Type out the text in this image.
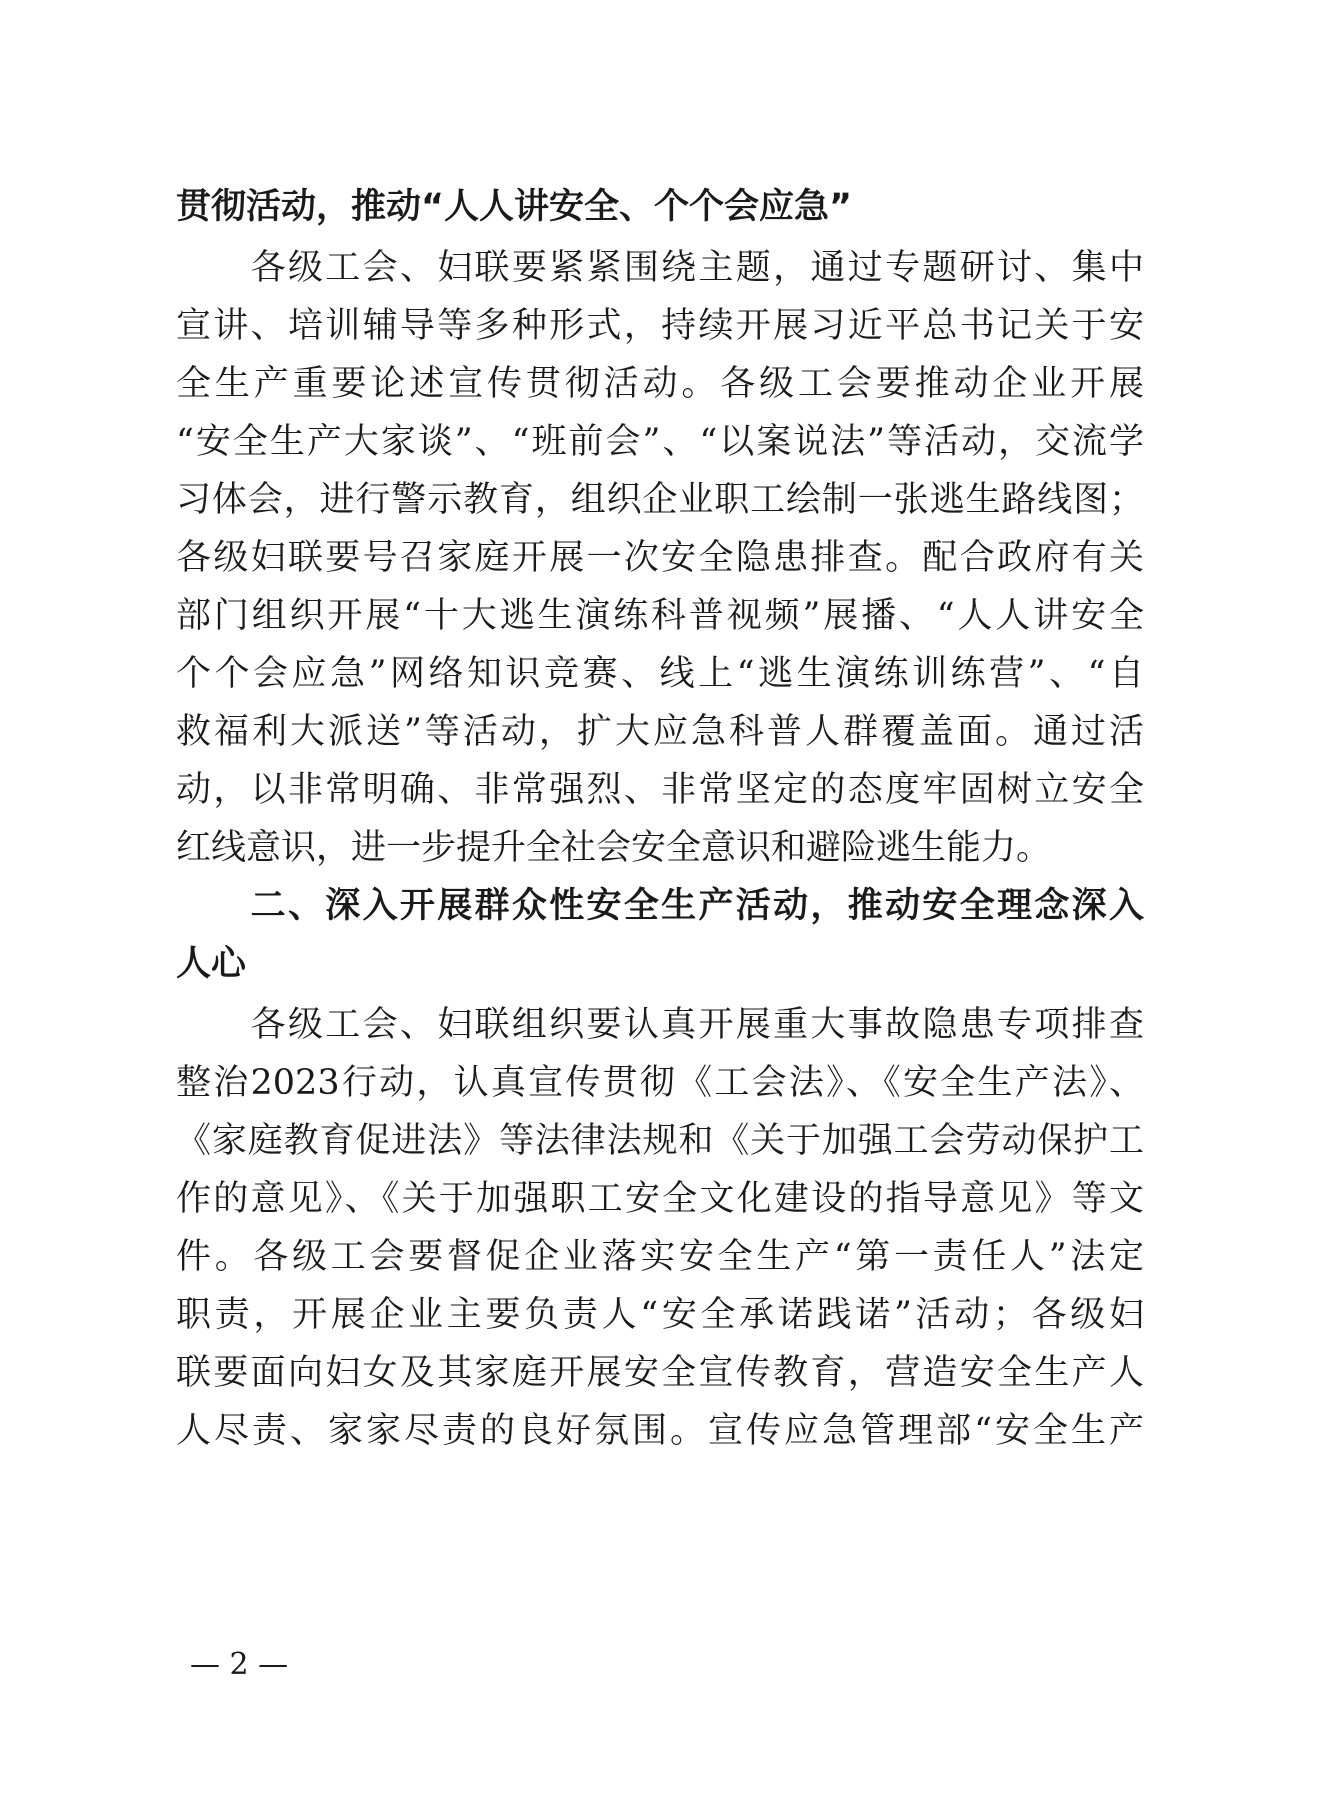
贯彻活动，推动“人人讲安全、个个会应急”
　　各级工会、妇联要紧紧围绕主题，通过专题研讨、集中
宣讲、培训辅导等多种形式，持续开展习近平总书记关于安
全生产重要论述宣传贯彻活动。各级工会要推动企业开展
“安全生产大家谈”、“班前会”、“以案说法”等活动，交流学
习体会，进行警示教育，组织企业职工绘制一张逃生路线图；
各级妇联要号召家庭开展一次安全隐患排查。配合政府有关
部门组织开展“十大逃生演练科普视频”展播、“人人讲安全
个个会应急”网络知识竞赛、线上“逃生演练训练营”、“自
救福利大派送”等活动，扩大应急科普人群覆盖面。通过活
动，以非常明确、非常强烈、非常坚定的态度牢固树立安全
红线意识，进一步提升全社会安全意识和避险逃生能力。
　　二、深入开展群众性安全生产活动，推动安全理念深入
人心
　　各级工会、妇联组织要认真开展重大事故隐患专项排查
整治2023行动，认真宣传贯彻《工会法》、《安全生产法》、
《家庭教育促进法》等法律法规和《关于加强工会劳动保护工
作的意见》、《关于加强职工安全文化建设的指导意见》等文
件。各级工会要督促企业落实安全生产“第一责任人”法定
职责，开展企业主要负责人“安全承诺践诺”活动；各级妇
联要面向妇女及其家庭开展安全宣传教育，营造安全生产人
人尽责、家家尽责的良好氛围。宣传应急管理部“安全生产
— 2 —
